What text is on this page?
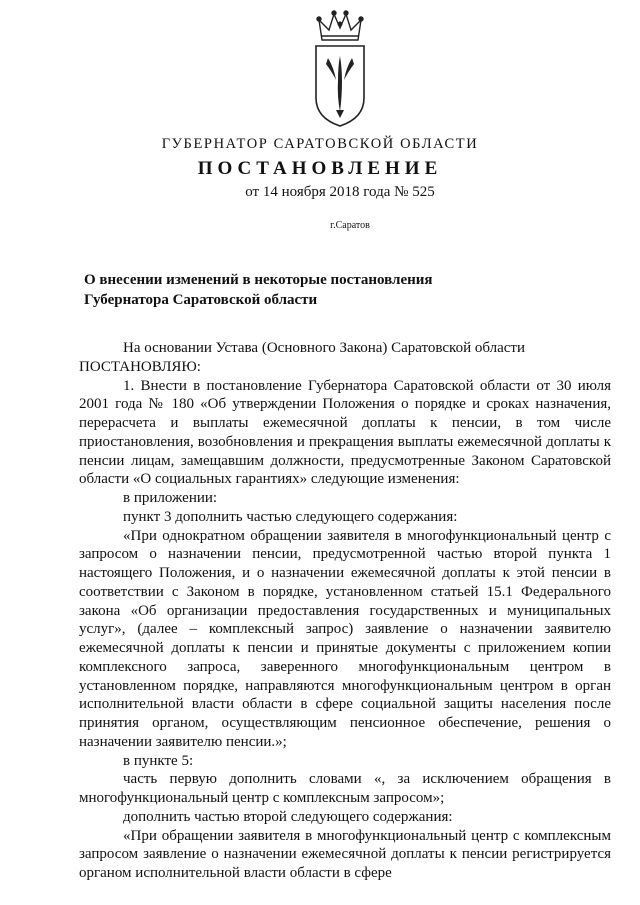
ГУБЕРНАТОР САРАТОВСКОЙ ОБЛАСТИ
ПОСТАНОВЛЕНИЕ
от 14 ноября 2018 года № 525
г.Саратов
О внесении изменений в некоторые постановления
Губернатора Саратовской области

На основании Устава (Основного Закона) Саратовской области

ПОСТАНОВЛЯЮ:

1. Внести в постановление Губернатора Саратовской области от 30 июля 2001 года № 180 «Об утверждении Положения о порядке и сроках назначения, перерасчета и выплаты ежемесячной доплаты к пенсии, в том числе приостановления, возобновления и прекращения выплаты ежемесячной доплаты к пенсии лицам, замещавшим должности, предусмотренные Законом Саратовской области «О социальных гарантиях» следующие изменения:

в приложении:

пункт 3 дополнить частью следующего содержания:

«При однократном обращении заявителя в многофункциональный центр с запросом о назначении пенсии, предусмотренной частью второй пункта 1 настоящего Положения, и о назначении ежемесячной доплаты к этой пенсии в соответствии с Законом в порядке, установленном статьей 15.1 Федерального закона «Об организации предоставления государственных и муниципальных услуг», (далее – комплексный запрос) заявление о назначении заявителю ежемесячной доплаты к пенсии и принятые документы с приложением копии комплексного запроса, заверенного многофункциональным центром в установленном порядке, направляются многофункциональным центром в орган исполнительной власти области в сфере социальной защиты населения после принятия органом, осуществляющим пенсионное обеспечение, решения о назначении заявителю пенсии.»;

в пункте 5:

часть первую дополнить словами «, за исключением обращения в многофункциональный центр с комплексным запросом»;

дополнить частью второй следующего содержания:

«При обращении заявителя в многофункциональный центр с комплексным запросом заявление о назначении ежемесячной доплаты к пенсии регистрируется органом исполнительной власти области в сфере
